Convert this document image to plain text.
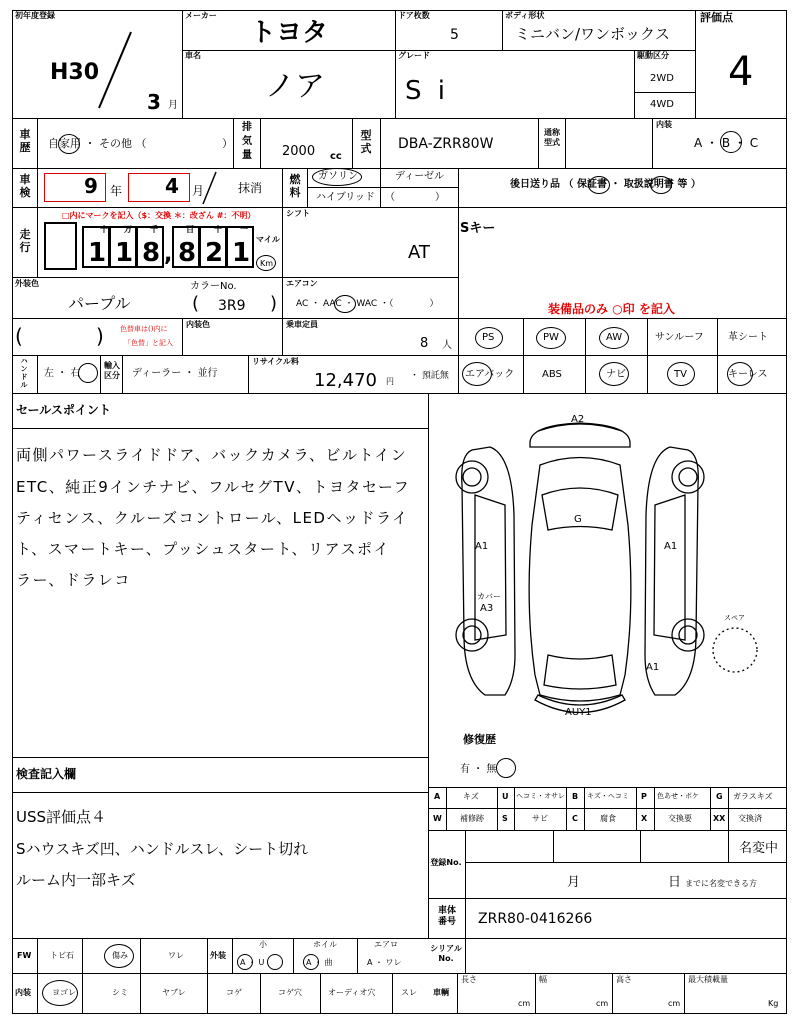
初年度登録
H30
3 月
メーカー
トヨタ
ドア枚数
5
ボディ形状
ミニバン/ワンボックス
評価点
4
車名
ノア
グレード
S i
駆動区分
2WD
4WD
車歴 自家用 ・ その他 （	）
排気量 2000 cc
型式 DBA-ZRR80W
通称型式
内装
A ・ B ・ C
車検	9 年 4 月	抹消
燃料
ガソリン	ディーゼル
ハイブリッド （　　　　）
後日送り品 （ 保証書 ・ 取扱説明書 等 ）
走行
□内にマークを記入（$：交換 ＊：改ざん #：不明）
十 万 千	百	十 一
1 1 8 , 8 2 1 マイル
Km
シフト
AT
Sキー
外装色
パープル
カラーNo.
( 3R9 )
エアコン
AC ・ AAC ・ WAC ・（　　　　）	装備品のみ ○印 を記入
(	) 色替車は()内に
「色替」と記入
内装色	乗車定員
8 人
PS	PW	AW	サンルーフ 革シート
エアバック	ABS	ナビ	TV	キーレス
ハンドル
左 ・ 右
輸入区分 ディーラー ・ 並行
リサイクル料
12,470 円
・ 預託無
セールスポイント
両側パワースライドドア、バックカメラ、ビルトイン
ETC、純正9インチナビ、フルセグTV、トヨタセーフ
ティセンス、クルーズコントロール、LEDヘッドライ
ト、スマートキー、プッシュスタート、リアスポイ
ラー、ドラレコ
A2
G
A1	A1
カバー
A3
A1
AUY1
スペア
修復歴
有 ・ 無
検査記入欄
USS評価点４
Sハウスキズ凹、ハンドルスレ、シート切れ
ルーム内一部キズ
A	キズ	U ヘコミ・オサレ B キズ・ヘコミ P 色あせ・ボケ G ガラスキズ
W 補修跡 S	サビ	C	腐食	X	交換要	XX 交換済
登録No.
名変中
月	日 までに名変できる方
車体番号 ZRR80-0416266
FW トビ石	傷み	ワレ	外装
小
A ・ U
ホイル
A ・ 曲
エアロ
A ・ ワレ
シリアルNo.
内装	ヨゴレ	シミ	ヤブレ	コゲ	コゲ穴	オーディオ穴	スレ 車輌
長さ
cm
幅
cm
高さ
cm
最大積載量
Kg
